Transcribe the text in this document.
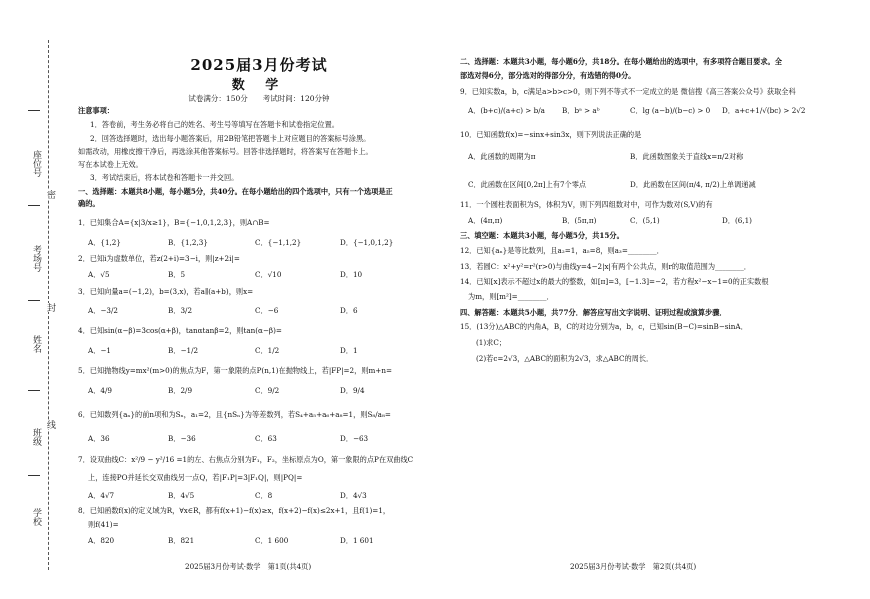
座位号
密
考场号
封
姓名
线
班级
学校
2025届3月份考试
数 学
试卷满分：150分　　考试时间：120分钟
注意事项：
1．答卷前，考生务必将自己的姓名、考生号等填写在答题卡和试卷指定位置。
2．回答选择题时，选出每小题答案后，用2B铅笔把答题卡上对应题目的答案标号涂黑。
如需改动，用橡皮擦干净后，再选涂其他答案标号。回答非选择题时，将答案写在答题卡上。
写在本试卷上无效。
3．考试结束后，将本试卷和答题卡一并交回。
一、选择题：本题共8小题，每小题5分，共40分。在每小题给出的四个选项中，只有一个选项是正
确的。
1．已知集合A={x|3/x≥1}，B={−1,0,1,2,3}，则A∩B=
A．{1,2}	B．{1,2,3}	C．{−1,1,2}	D．{−1,0,1,2}
2．已知i为虚数单位，若z(2+i)=3−i，则|z+2i|=
A．√5	B．5	C．√10	D．10
3．已知向量a=(−1,2)，b=(3,x)，若a∥(a+b)，则x=
A．−3/2	B．3/2	C．−6	D．6
4．已知sin(α−β)=3cos(α+β)，tanαtanβ=2，则tan(α−β)=
A．−1	B．−1/2	C．1/2	D．1
5．已知抛物线y=mx²(m>0)的焦点为F，第一象限的点P(n,1)在抛物线上，若|FP|=2，则m+n=
A．4/9	B．2/9	C．9/2	D．9/4
6．已知数列{aₙ}的前n项和为Sₙ，a₁=2，且{nSₙ}为等差数列，若S₄+a₅+a₆+a₈=1，则S₈/a₈=
A．36	B．−36	C．63	D．−63
7．设双曲线C：x²/9 − y²/16 =1的左、右焦点分别为F₁，F₂，坐标原点为O，第一象限的点P在双曲线C
上，连接PO并延长交双曲线另一点Q，若|F₁P|=3|F₁Q|，则|PQ|=
A．4√7	B．4√5	C．8	D．4√3
8．已知函数f(x)的定义域为R，∀x∈R，都有f(x+1)−f(x)≥x，f(x+2)−f(x)≤2x+1，且f(1)=1，
则f(41)=
A．820	B．821	C．1 600	D．1 601
二、选择题：本题共3小题，每小题6分，共18分。在每小题给出的选项中，有多项符合题目要求。全
部选对得6分，部分选对的得部分分，有选错的得0分。
9．已知实数a，b，c满足a>b>c>0，则下列不等式不一定成立的是 微信搜《高三答案公众号》获取全科
A．(b+c)/(a+c) > b/a B．bᵃ > aᵇ	C．lg (a−b)/(b−c) > 0 D．a+c+1/√(bc) > 2√2
10．已知函数f(x)=−sinx+sin3x，则下列说法正确的是
A．此函数的周期为π	B．此函数图象关于直线x=π/2对称
C．此函数在区间[0,2π]上有7个零点	D．此函数在区间(π/4, π/2)上单调递减
11．一个圆柱表面积为S，体积为V，则下列四组数对中，可作为数对(S,V)的有
A．(4π,π)	B．(5π,π)	C．(5,1)	D．(6,1)
三、填空题：本题共3小题，每小题5分，共15分。
12．已知{aₙ}是等比数列，且a₂=1，a₅=8，则a₃=________．
13．若圆C：x²+y²=r²(r>0)与曲线y=4−2|x|有两个公共点，则r的取值范围为________．
14．已知[x]表示不超过x的最大的整数，如[π]=3，[−1.3]=−2，若方程x²−x−1=0的正实数根
为m，则[m²]=________．
四、解答题：本题共5小题，共77分．解答应写出文字说明、证明过程或演算步骤．
15．(13分)△ABC的内角A，B，C的对边分别为a，b，c，已知sin(B−C)=sinB−sinA．
(1)求C；
(2)若c=2√3，△ABC的面积为2√3，求△ABC的周长．
2025届3月份考试·数学　第1页(共4页)	2025届3月份考试·数学　第2页(共4页)
